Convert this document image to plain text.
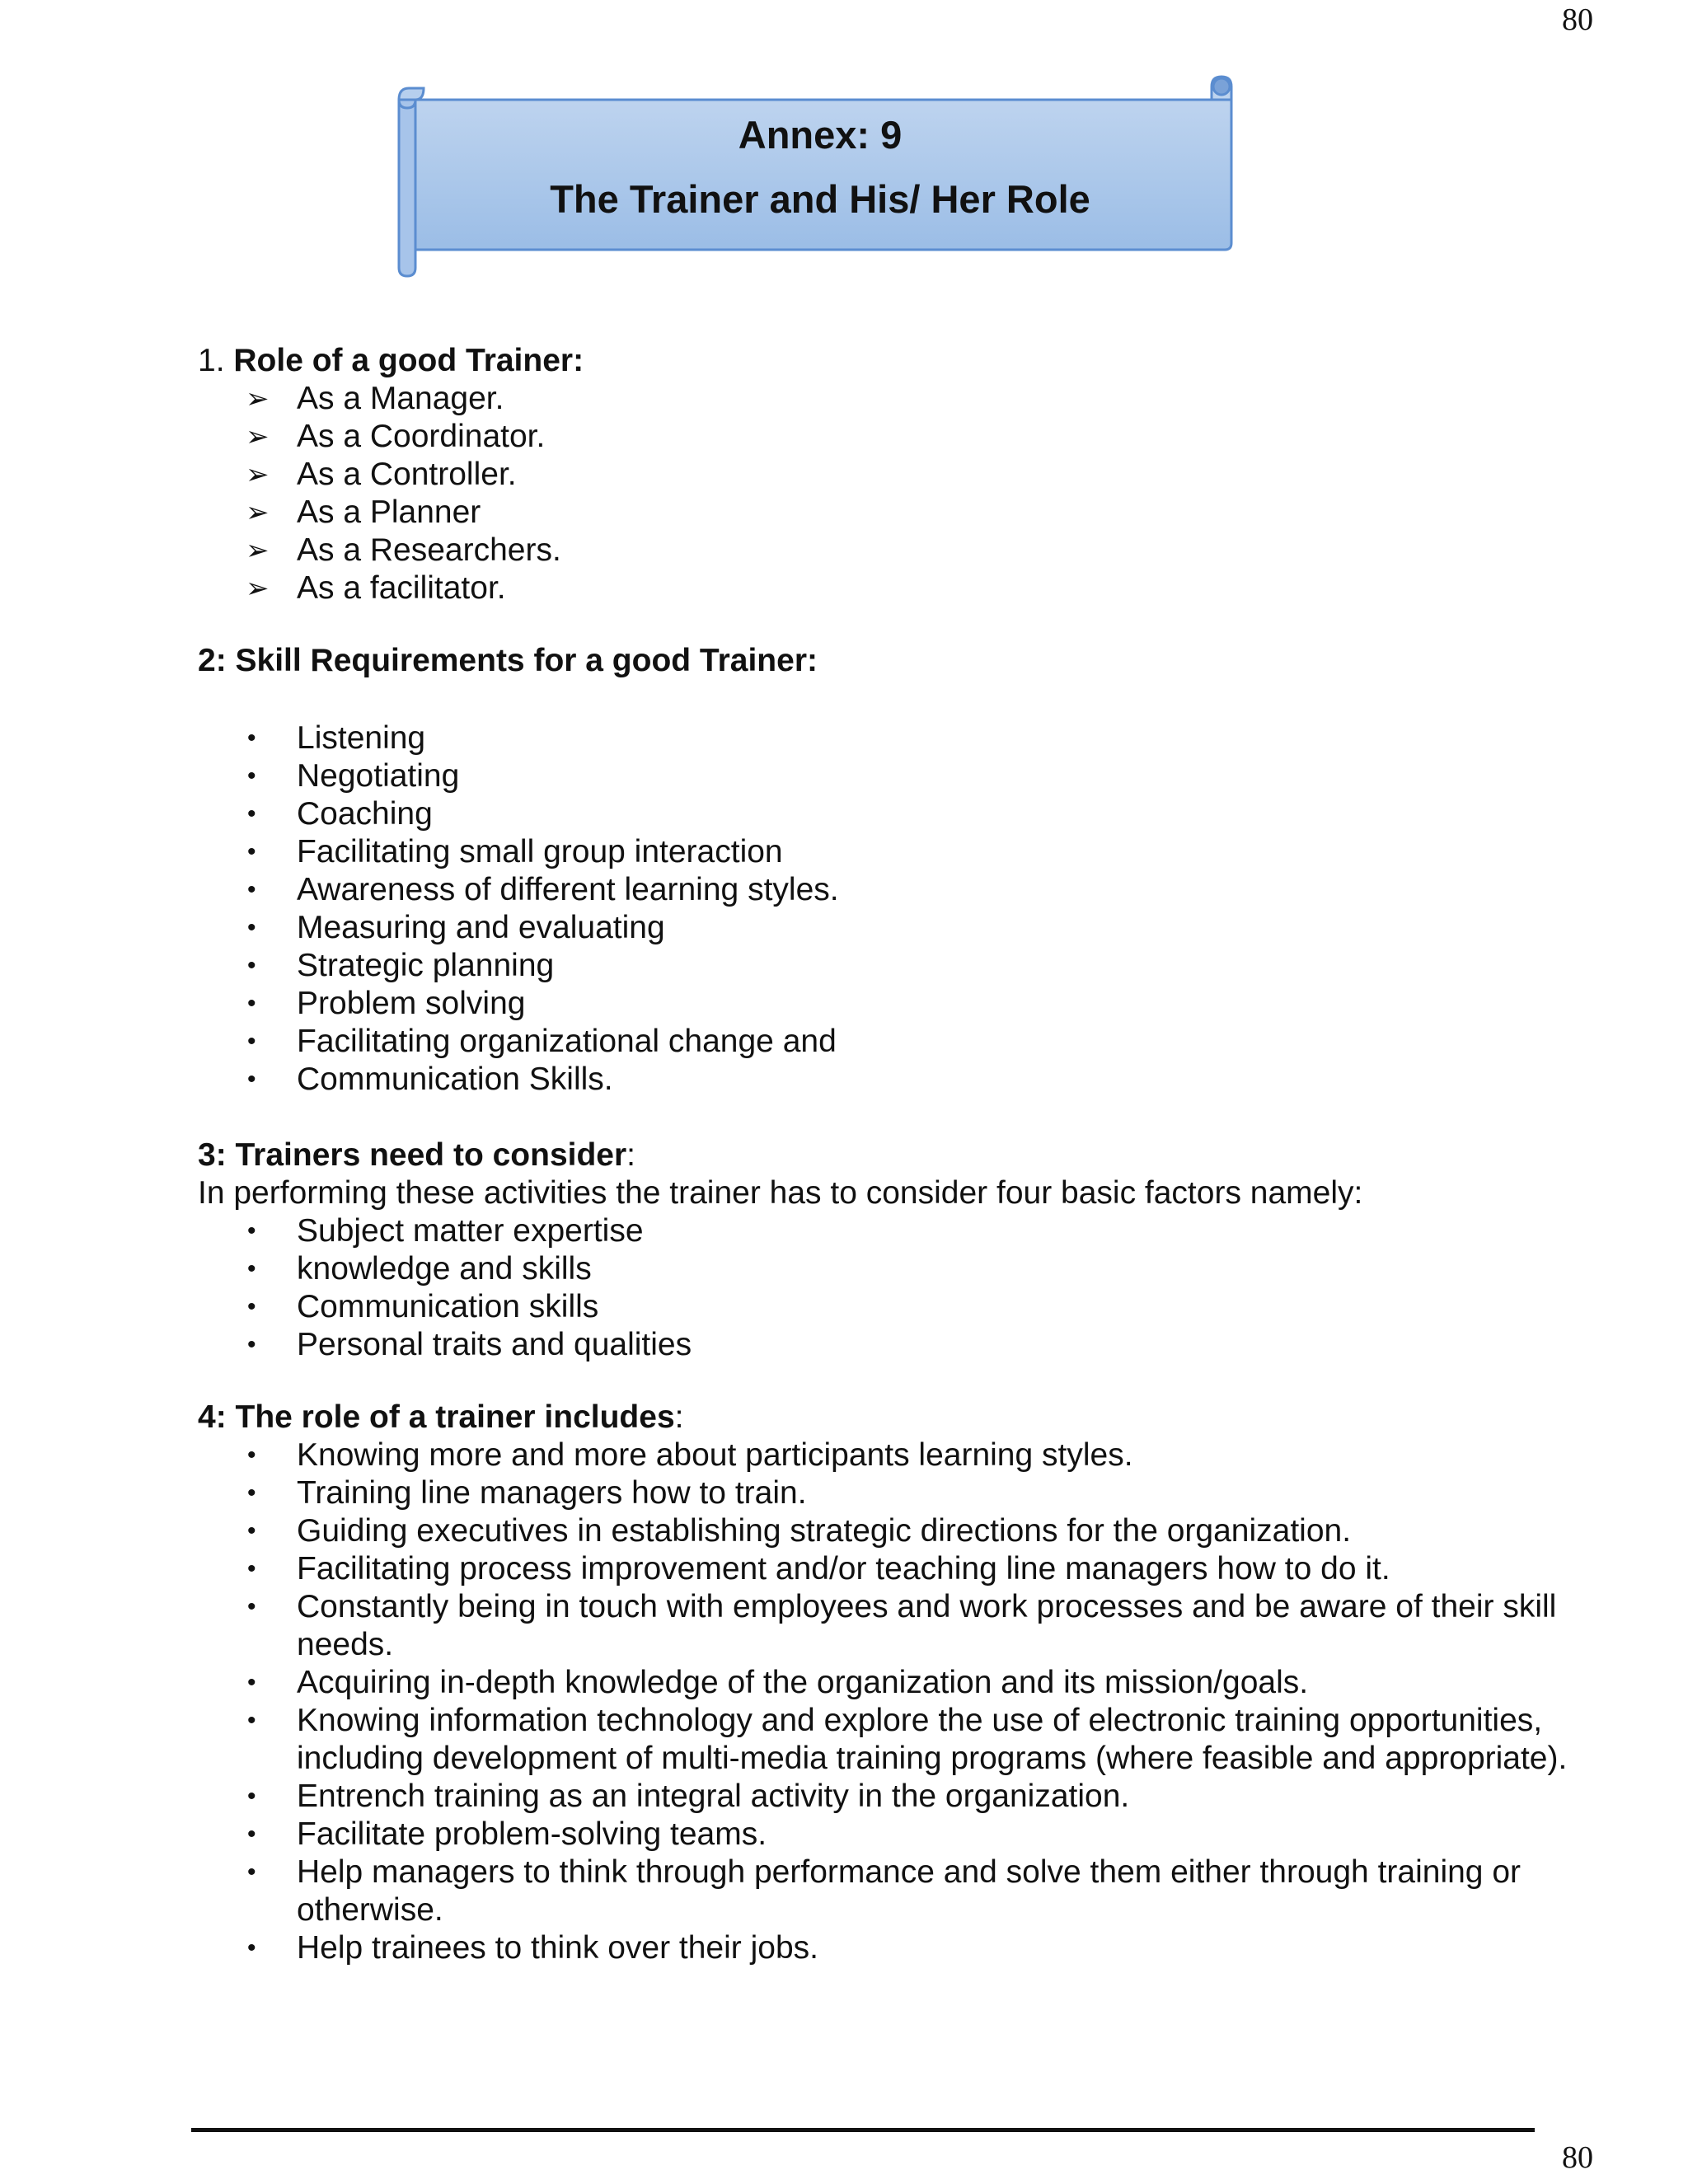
80
Annex: 9
The Trainer and His/ Her Role
1. Role of a good Trainer:
➢ As a Manager.
➢ As a Coordinator.
➢ As a Controller.
➢ As a Planner
➢ As a Researchers.
➢ As a facilitator.
2: Skill Requirements for a good Trainer:
• Listening
• Negotiating
• Coaching
• Facilitating small group interaction
• Awareness of different learning styles.
• Measuring and evaluating
• Strategic planning
• Problem solving
• Facilitating organizational change and
• Communication Skills.
3: Trainers need to consider:

In performing these activities the trainer has to consider four basic factors namely:

• Subject matter expertise
• knowledge and skills
• Communication skills
• Personal traits and qualities
4: The role of a trainer includes:
• Knowing more and more about participants learning styles.
• Training line managers how to train.
• Guiding executives in establishing strategic directions for the organization.
• Facilitating process improvement and/or teaching line managers how to do it.
• Constantly being in touch with employees and work processes and be aware of their skill needs.
• Acquiring in-depth knowledge of the organization and its mission/goals.
• Knowing information technology and explore the use of electronic training opportunities, including development of multi-media training programs (where feasible and appropriate).
• Entrench training as an integral activity in the organization.
• Facilitate problem-solving teams.
• Help managers to think through performance and solve them either through training or otherwise.
• Help trainees to think over their jobs.
80
